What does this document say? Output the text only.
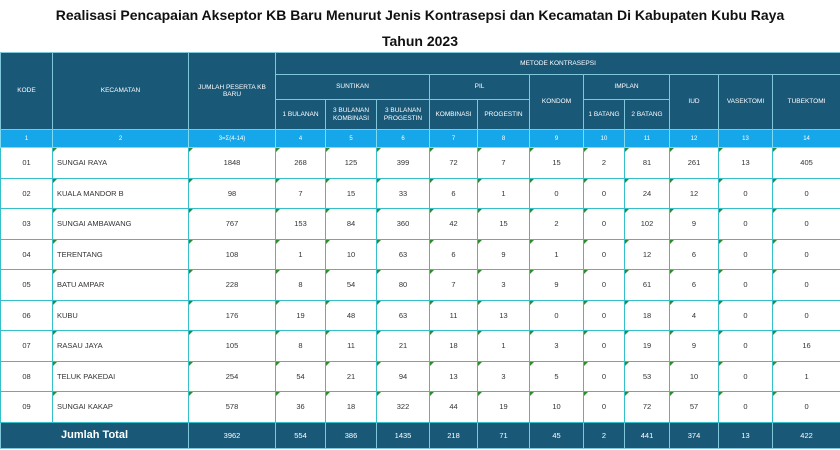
Realisasi Pencapaian Akseptor KB Baru Menurut Jenis Kontrasepsi dan Kecamatan Di Kabupaten Kubu Raya
Tahun 2023
KODE	KECAMATAN	JUMLAH PESERTA KB BARU	METODE KONTRASEPSI										
			SUNTIKAN			PIL		KONDOM	IMPLAN		IUD	VASEKTOMI	TUBEKTOMI
			1 BULANAN	3 BULANAN KOMBINASI	3 BULANAN PROGESTIN	KOMBINASI	PROGESTIN		1 BATANG	2 BATANG			
1	2	3=Σ(4-14)	4	5	6	7	8	9	10	11	12	13	14
01	SUNGAI RAYA	1848	268	125	399	72	7	15	2	81	261	13	405
02	KUALA MANDOR B	98	7	15	33	6	1	0	0	24	12	0	0
03	SUNGAI AMBAWANG	767	153	84	360	42	15	2	0	102	9	0	0
04	TERENTANG	108	1	10	63	6	9	1	0	12	6	0	0
05	BATU AMPAR	228	8	54	80	7	3	9	0	61	6	0	0
06	KUBU	176	19	48	63	11	13	0	0	18	4	0	0
07	RASAU JAYA	105	8	11	21	18	1	3	0	19	9	0	16
08	TELUK PAKEDAI	254	54	21	94	13	3	5	0	53	10	0	1
09	SUNGAI KAKAP	578	36	18	322	44	19	10	0	72	57	0	0
Jumlah Total		3962	554	386	1435	218	71	45	2	441	374	13	422
